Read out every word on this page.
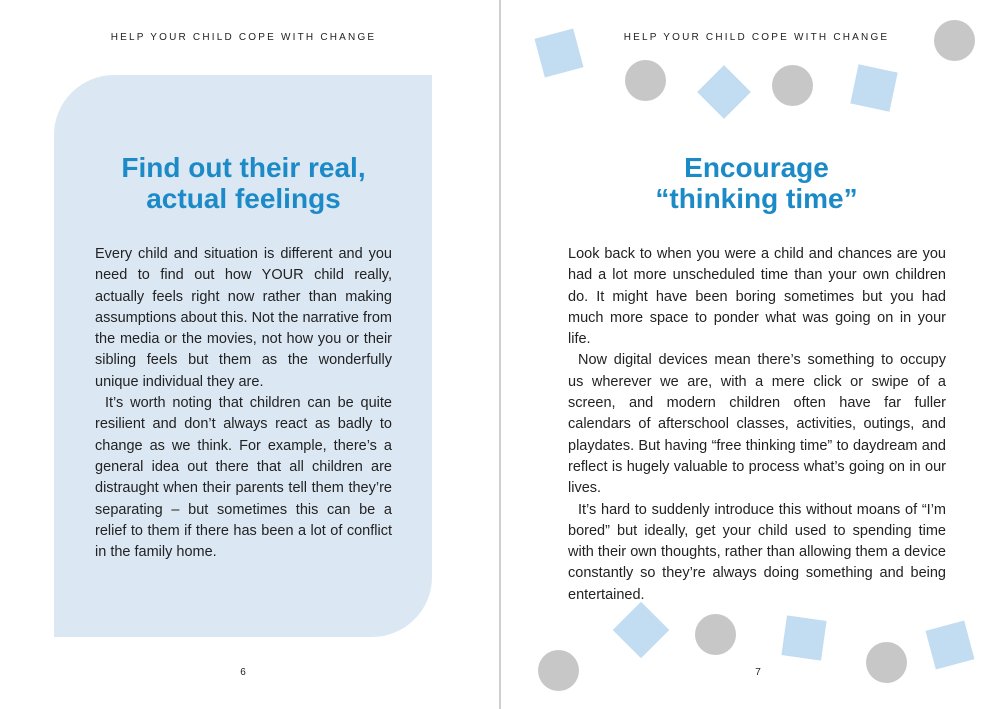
HELP YOUR CHILD COPE WITH CHANGE
Find out their real,
actual feelings

Every child and situation is different and you need to find out how YOUR child really, actually feels right now rather than making assumptions about this. Not the narrative from the media or the movies, not how you or their sibling feels but them as the wonderfully unique individual they are.

It’s worth noting that children can be quite resilient and don’t always react as badly to change as we think. For example, there’s a general idea out there that all children are distraught when their parents tell them they’re separating – but sometimes this can be a relief to them if there has been a lot of conflict in the family home.

6
HELP YOUR CHILD COPE WITH CHANGE
Encourage
“thinking time”

Look back to when you were a child and chances are you had a lot more unscheduled time than your own children do. It might have been boring sometimes but you had much more space to ponder what was going on in your life.

Now digital devices mean there’s something to occupy us wherever we are, with a mere click or swipe of a screen, and modern children often have far fuller calendars of afterschool classes, activities, outings, and playdates. But having “free thinking time” to daydream and reflect is hugely valuable to process what’s going on in our lives.

It’s hard to suddenly introduce this without moans of “I’m bored” but ideally, get your child used to spending time with their own thoughts, rather than allowing them a device constantly so they’re always doing something and being entertained.

7
